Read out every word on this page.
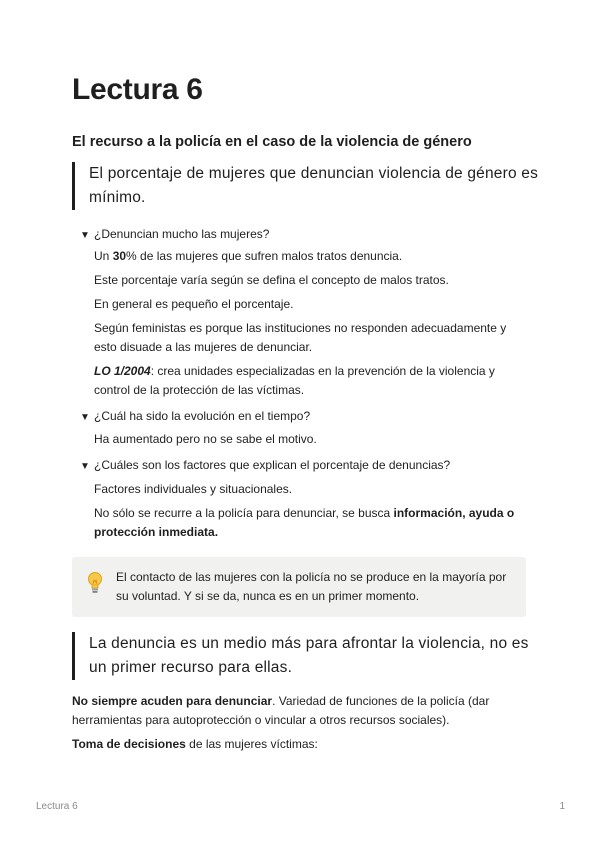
Lectura 6
El recurso a la policía en el caso de la violencia de género
El porcentaje de mujeres que denuncian violencia de género es mínimo.
▼ ¿Denuncian mucho las mujeres?
Un 30% de las mujeres que sufren malos tratos denuncia.
Este porcentaje varía según se defina el concepto de malos tratos.
En general es pequeño el porcentaje.
Según feministas es porque las instituciones no responden adecuadamente y esto disuade a las mujeres de denunciar.
LO 1/2004: crea unidades especializadas en la prevención de la violencia y control de la protección de las víctimas.
▼ ¿Cuál ha sido la evolución en el tiempo?
Ha aumentado pero no se sabe el motivo.
▼ ¿Cuáles son los factores que explican el porcentaje de denuncias?
Factores individuales y situacionales.
No sólo se recurre a la policía para denunciar, se busca información, ayuda o protección inmediata.
El contacto de las mujeres con la policía no se produce en la mayoría por su voluntad. Y si se da, nunca es en un primer momento.
La denuncia es un medio más para afrontar la violencia, no es un primer recurso para ellas.
No siempre acuden para denunciar. Variedad de funciones de la policía (dar herramientas para autoprotección o vincular a otros recursos sociales).
Toma de decisiones de las mujeres víctimas:
Lectura 6	1
